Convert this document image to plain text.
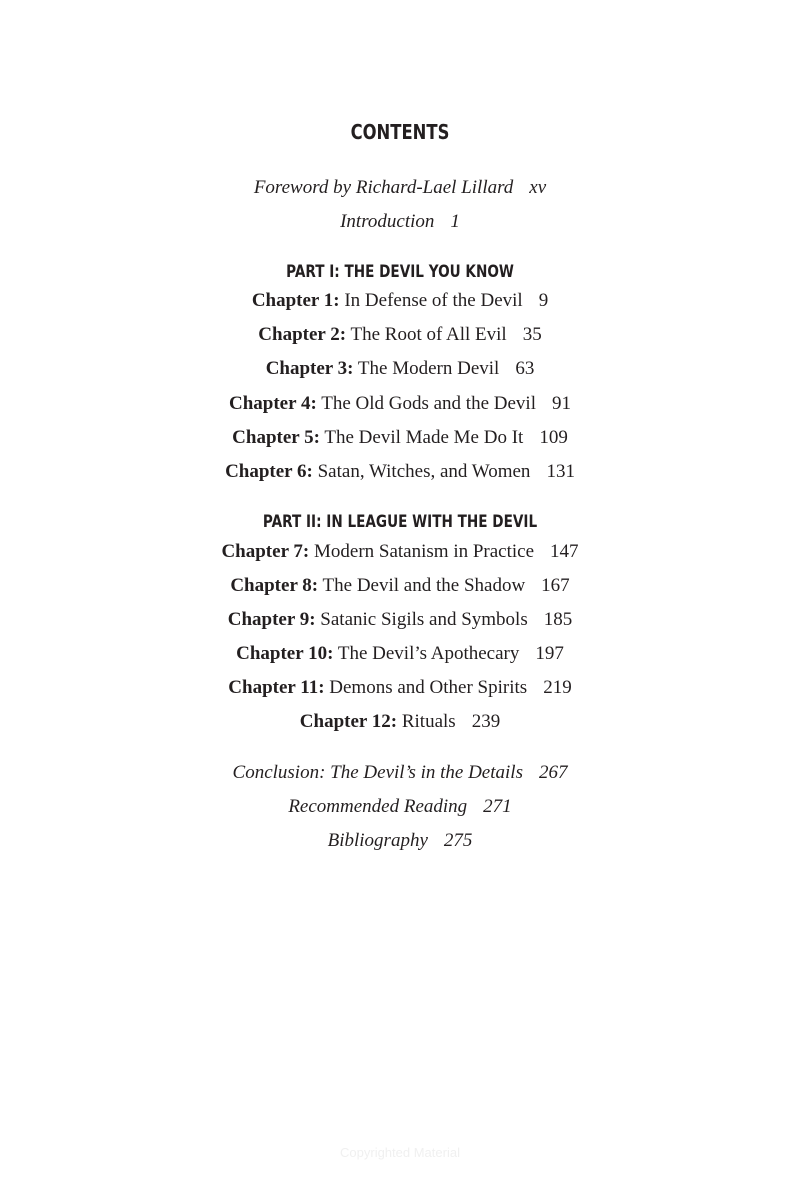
CONTENTS
Foreword by Richard-Lael Lillard xv
Introduction 1
PART I: THE DEVIL YOU KNOW
Chapter 1: In Defense of the Devil 9
Chapter 2: The Root of All Evil 35
Chapter 3: The Modern Devil 63
Chapter 4: The Old Gods and the Devil 91
Chapter 5: The Devil Made Me Do It 109
Chapter 6: Satan, Witches, and Women 131
PART II: IN LEAGUE WITH THE DEVIL
Chapter 7: Modern Satanism in Practice 147
Chapter 8: The Devil and the Shadow 167
Chapter 9: Satanic Sigils and Symbols 185
Chapter 10: The Devil’s Apothecary 197
Chapter 11: Demons and Other Spirits 219
Chapter 12: Rituals 239
Conclusion: The Devil’s in the Details 267
Recommended Reading 271
Bibliography 275
Copyrighted Material
